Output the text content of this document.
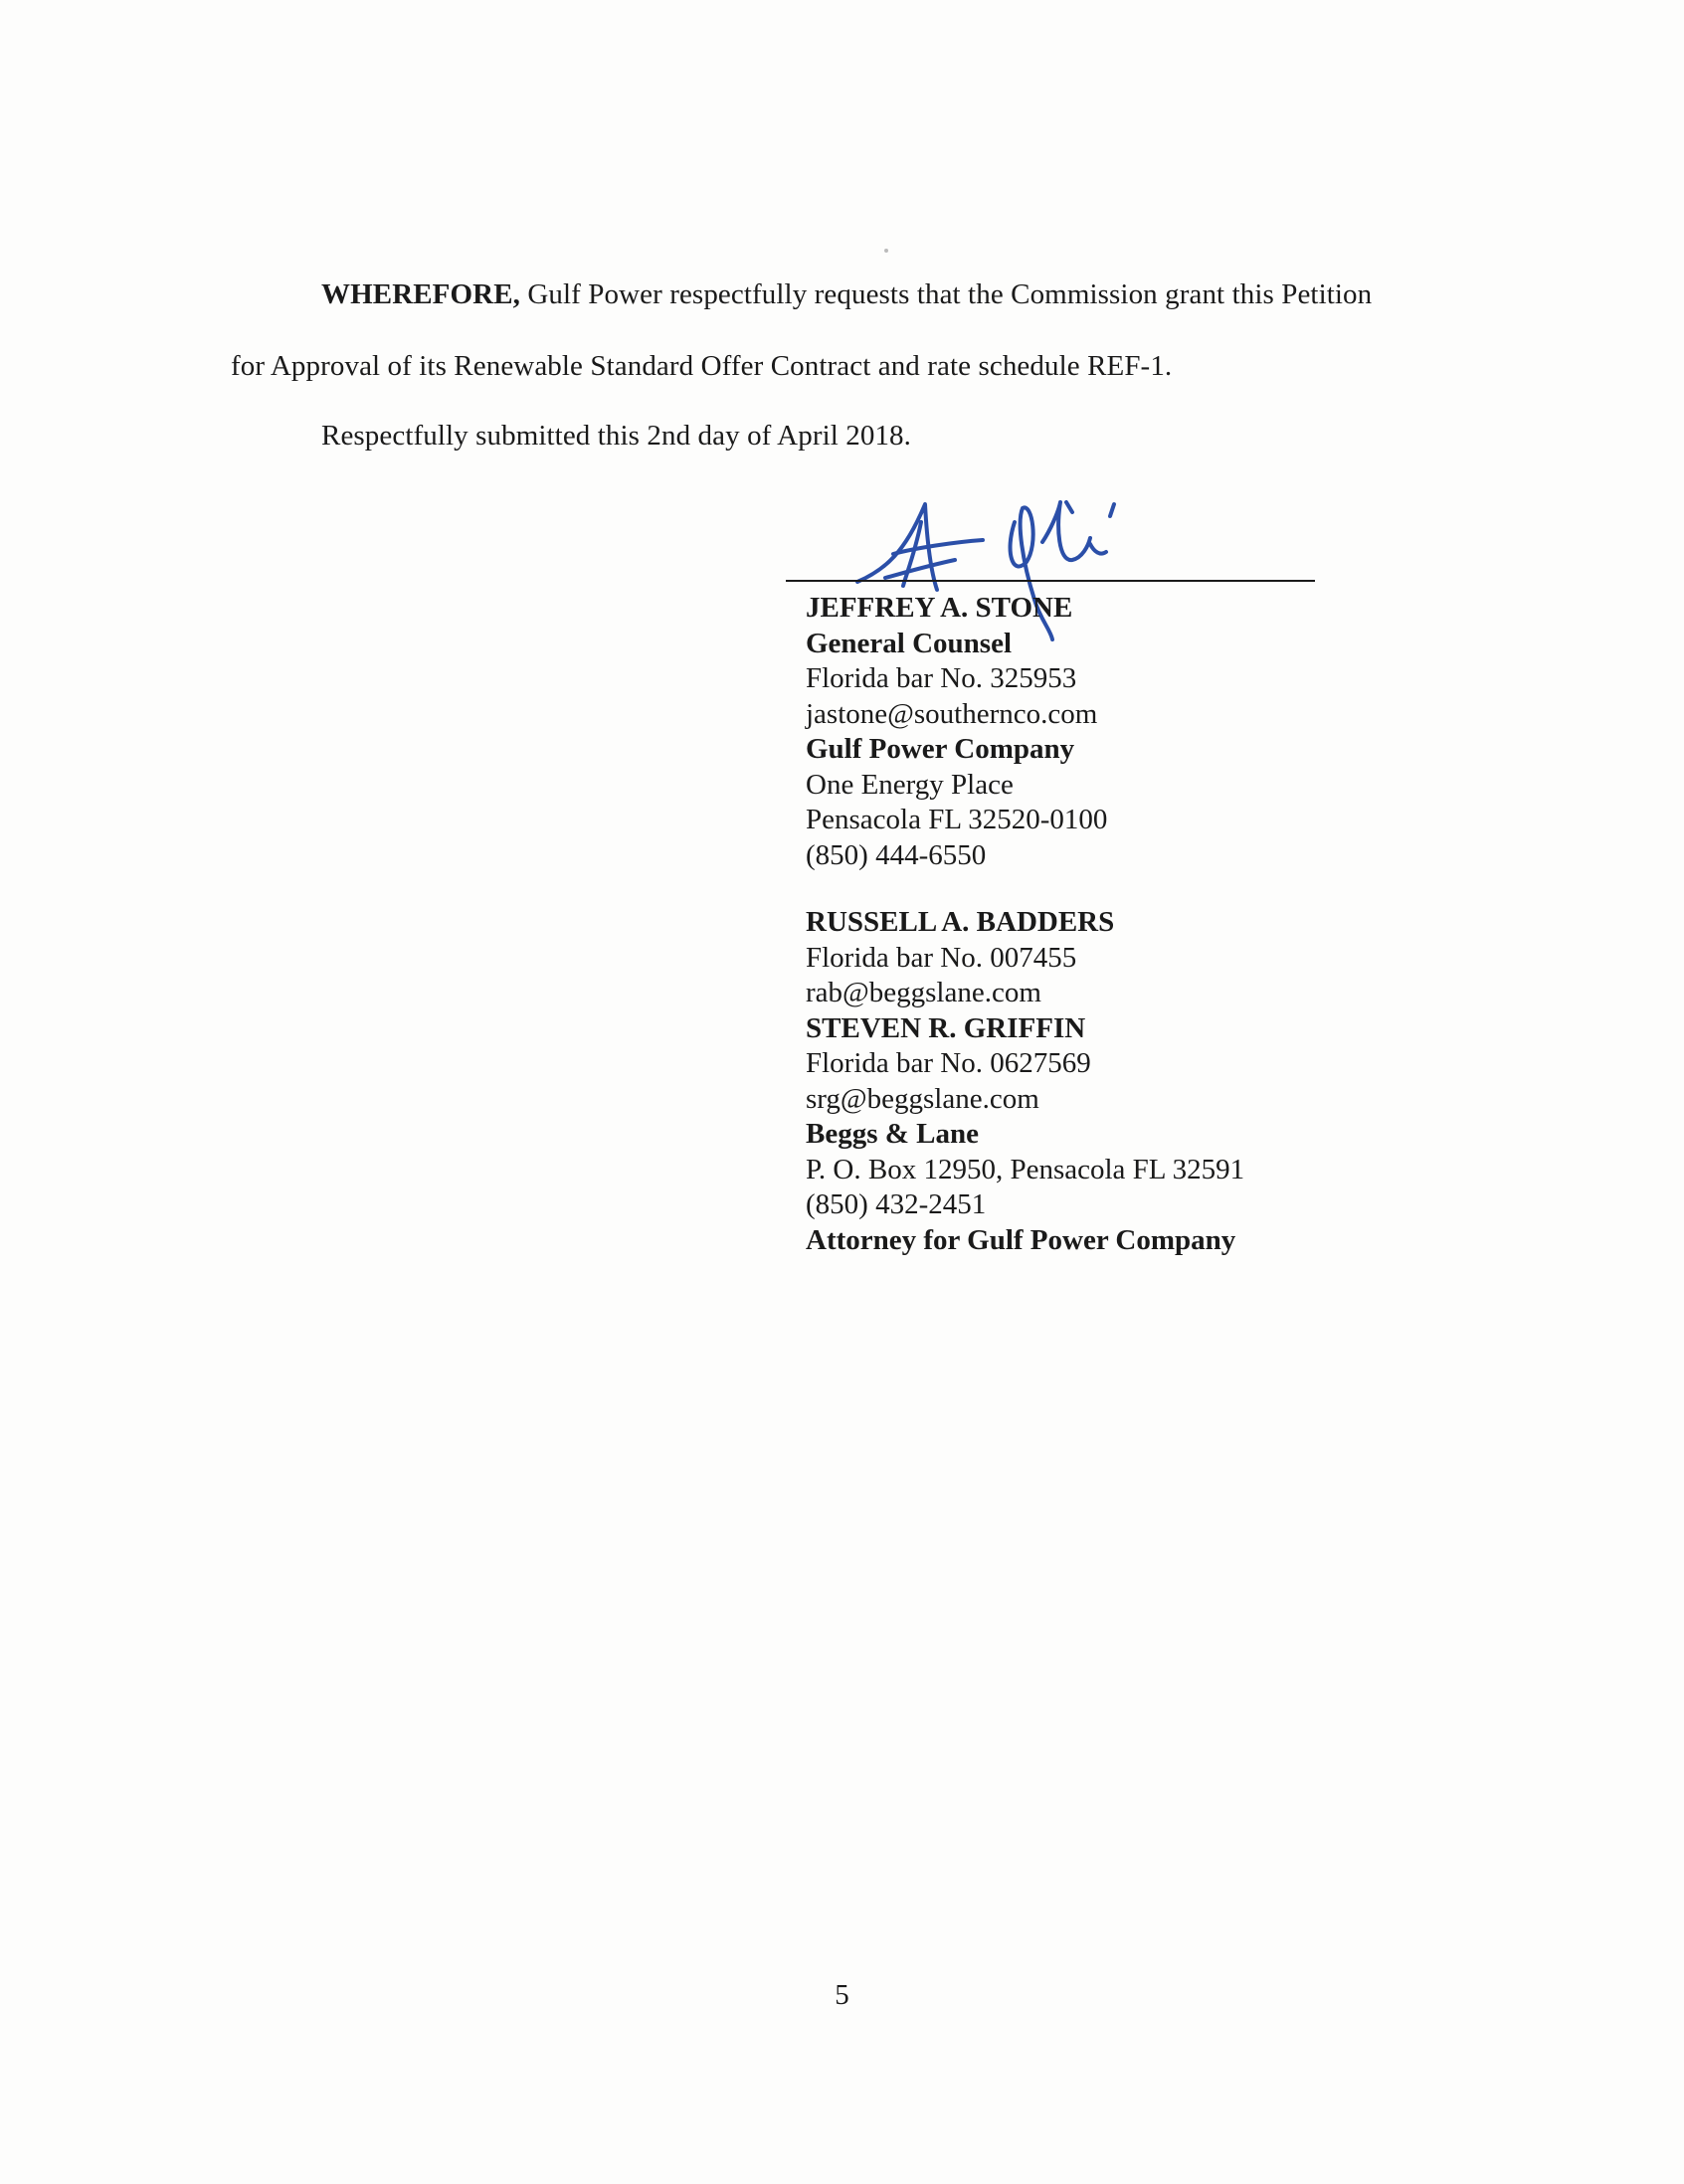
WHEREFORE, Gulf Power respectfully requests that the Commission grant this Petition
for Approval of its Renewable Standard Offer Contract and rate schedule REF-1.
Respectfully submitted this 2nd day of April 2018.
JEFFREY A. STONE
General Counsel
Florida bar No. 325953
jastone@southernco.com
Gulf Power Company
One Energy Place
Pensacola FL 32520-0100
(850) 444-6550
RUSSELL A. BADDERS
Florida bar No. 007455
rab@beggslane.com
STEVEN R. GRIFFIN
Florida bar No. 0627569
srg@beggslane.com
Beggs & Lane
P. O. Box 12950, Pensacola FL 32591
(850) 432-2451
Attorney for Gulf Power Company
5
